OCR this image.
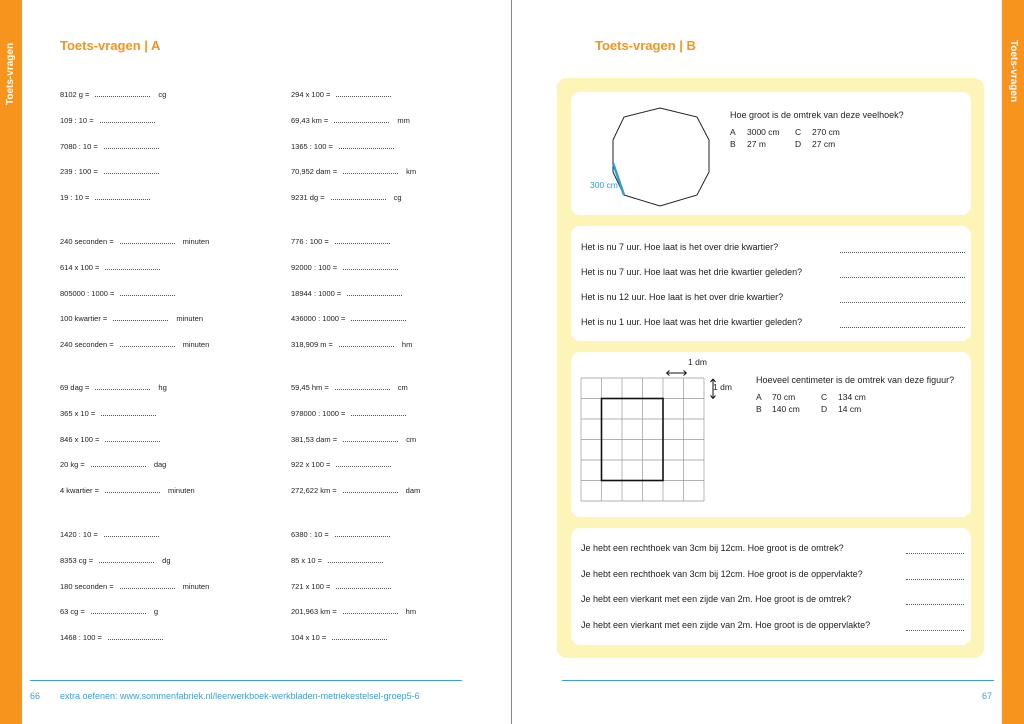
Toets-vragen	Toets-vragen
Toets-vragen | A
8102 g =	cg
109 : 10 =
7080 : 10 =
239 : 100 =
19 : 10 =
240 seconden =	minuten
614 x 100 =
805000 : 1000 =
100 kwartier =	minuten
240 seconden =	minuten
69 dag =	hg
365 x 10 =
846 x 100 =
20 kg =	dag
4 kwartier =	minuten
1420 : 10 =
8353 cg =	dg
180 seconden =	minuten
63 cg =	g
1468 : 100 =
294 x 100 =
69,43 km =	mm
1365 : 100 =
70,952 dam =	km
9231 dg =	cg
776 : 100 =
92000 : 100 =
18944 : 1000 =
436000 : 1000 =
318,909 m =	hm
59,45 hm =	cm
978000 : 1000 =
381,53 dam =	cm
922 x 100 =
272,622 km =	dam
6380 : 10 =
85 x 10 =
721 x 100 =
201,963 km =	hm
104 x 10 =
66 extra oefenen: www.sommenfabriek.nl/leerwerkboek-werkbladen-metriekestelsel-groep5-6
Toets-vragen | B
300 cm
Hoe groot is de omtrek van deze veelhoek?
A 3000 cm C 270 cm
B 27 m	D 27 cm
Het is nu 7 uur. Hoe laat is het over drie kwartier?
Het is nu 7 uur. Hoe laat was het drie kwartier geleden?
Het is nu 12 uur. Hoe laat is het over drie kwartier?
Het is nu 1 uur. Hoe laat was het drie kwartier geleden?
1 dm
1 dm
Hoeveel centimeter is de omtrek van deze figuur?
A 70 cm	C 134 cm
B 140 cm D 14 cm
Je hebt een rechthoek van 3cm bij 12cm. Hoe groot is de omtrek?
Je hebt een rechthoek van 3cm bij 12cm. Hoe groot is de oppervlakte?
Je hebt een vierkant met een zijde van 2m. Hoe groot is de omtrek?
Je hebt een vierkant met een zijde van 2m. Hoe groot is de oppervlakte?
67
